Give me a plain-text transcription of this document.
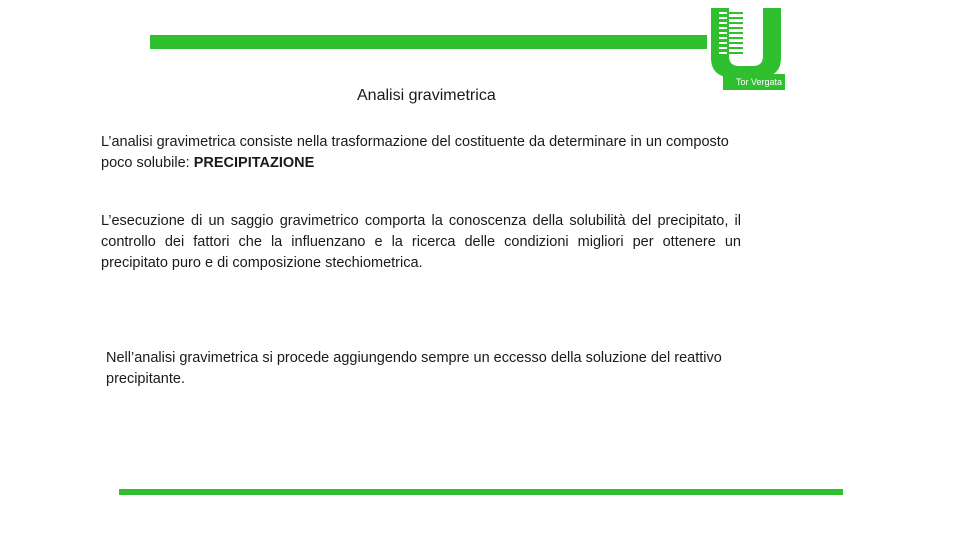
Tor Vergata
Analisi gravimetrica
L’analisi gravimetrica consiste nella trasformazione del costituente da determinare in un composto poco solubile: PRECIPITAZIONE
L’esecuzione di un saggio gravimetrico comporta la conoscenza della solubilità del precipitato, il controllo dei fattori che la influenzano e la ricerca delle condizioni migliori per ottenere un precipitato puro e di composizione stechiometrica.
Nell’analisi gravimetrica si procede aggiungendo sempre un eccesso della soluzione del reattivo precipitante.
